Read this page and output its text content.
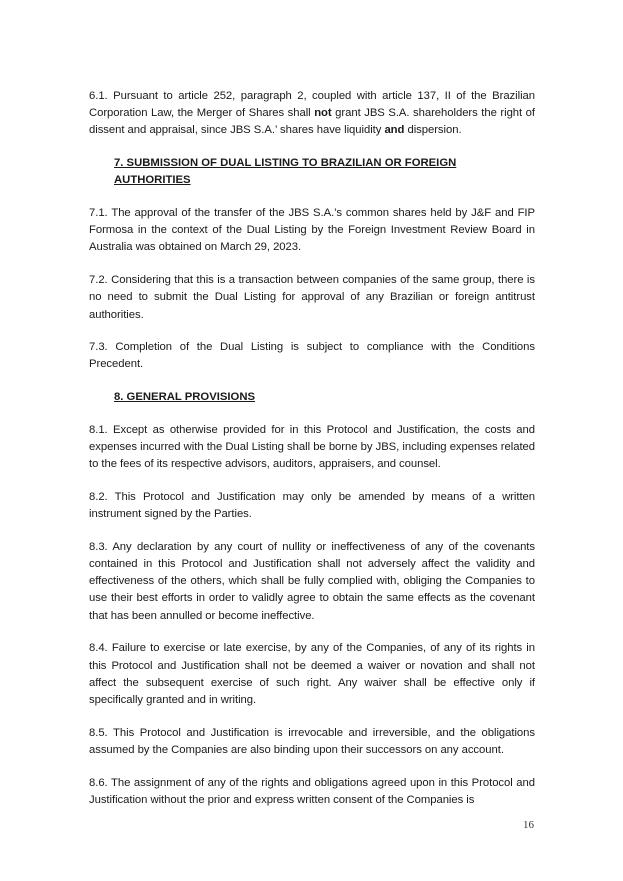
6.1. Pursuant to article 252, paragraph 2, coupled with article 137, II of the Brazilian Corporation Law, the Merger of Shares shall not grant JBS S.A. shareholders the right of dissent and appraisal, since JBS S.A.’ shares have liquidity and dispersion.

7. SUBMISSION OF DUAL LISTING TO BRAZILIAN OR FOREIGN AUTHORITIES

7.1. The approval of the transfer of the JBS S.A.’s common shares held by J&F and FIP Formosa in the context of the Dual Listing by the Foreign Investment Review Board in Australia was obtained on March 29, 2023.

7.2. Considering that this is a transaction between companies of the same group, there is no need to submit the Dual Listing for approval of any Brazilian or foreign antitrust authorities.

7.3. Completion of the Dual Listing is subject to compliance with the Conditions Precedent.

8. GENERAL PROVISIONS

8.1. Except as otherwise provided for in this Protocol and Justification, the costs and expenses incurred with the Dual Listing shall be borne by JBS, including expenses related to the fees of its respective advisors, auditors, appraisers, and counsel.

8.2. This Protocol and Justification may only be amended by means of a written instrument signed by the Parties.

8.3. Any declaration by any court of nullity or ineffectiveness of any of the covenants contained in this Protocol and Justification shall not adversely affect the validity and effectiveness of the others, which shall be fully complied with, obliging the Companies to use their best efforts in order to validly agree to obtain the same effects as the covenant that has been annulled or become ineffective.

8.4. Failure to exercise or late exercise, by any of the Companies, of any of its rights in this Protocol and Justification shall not be deemed a waiver or novation and shall not affect the subsequent exercise of such right. Any waiver shall be effective only if specifically granted and in writing.

8.5. This Protocol and Justification is irrevocable and irreversible, and the obligations assumed by the Companies are also binding upon their successors on any account.

8.6. The assignment of any of the rights and obligations agreed upon in this Protocol and Justification without the prior and express written consent of the Companies is

16
